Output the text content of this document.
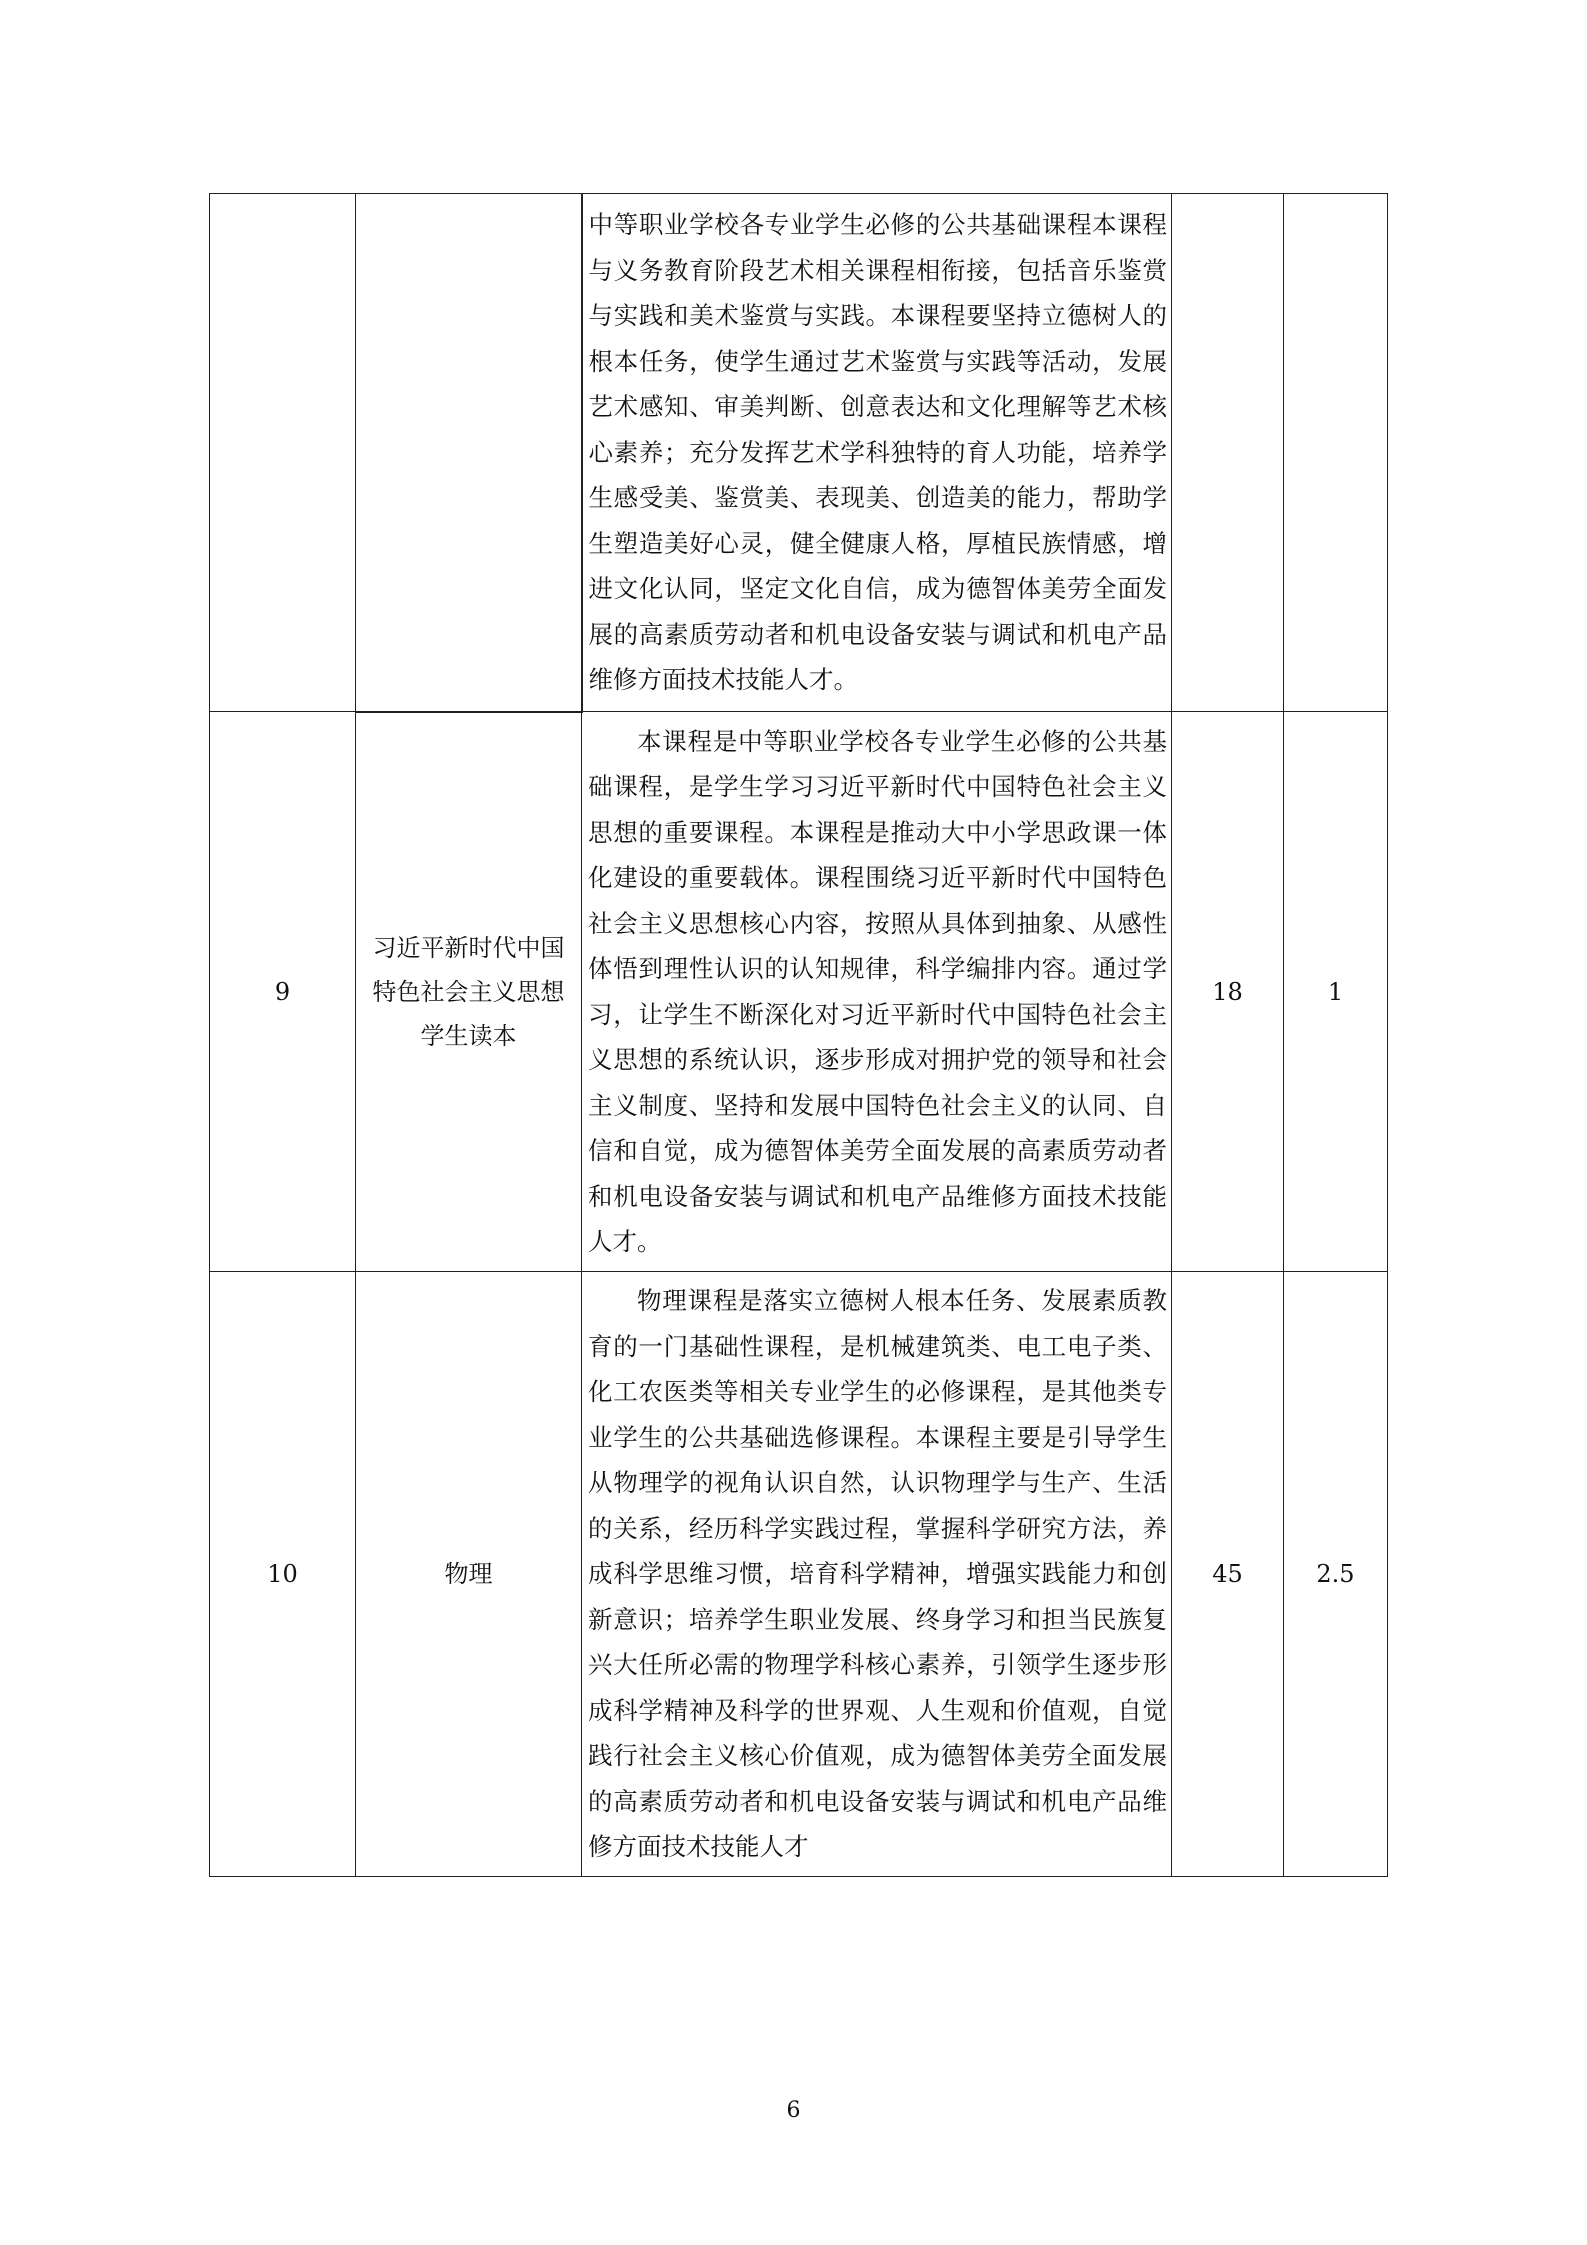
		中等职业学校各专业学生必修的公共基础课程本课程与义务教育阶段艺术相关课程相衔接，包括音乐鉴赏与实践和美术鉴赏与实践。本课程要坚持立德树人的根本任务，使学生通过艺术鉴赏与实践等活动，发展艺术感知、审美判断、创意表达和文化理解等艺术核心素养；充分发挥艺术学科独特的育人功能，培养学生感受美、鉴赏美、表现美、创造美的能力，帮助学生塑造美好心灵，健全健康人格，厚植民族情感，增进文化认同，坚定文化自信，成为德智体美劳全面发展的高素质劳动者和机电设备安装与调试和机电产品维修方面技术技能人才。		

9	习近平新时代中国特色社会主义思想学生读本	本课程是中等职业学校各专业学生必修的公共基础课程，是学生学习习近平新时代中国特色社会主义思想的重要课程。本课程是推动大中小学思政课一体化建设的重要载体。课程围绕习近平新时代中国特色社会主义思想核心内容，按照从具体到抽象、从感性体悟到理性认识的认知规律，科学编排内容。通过学习，让学生不断深化对习近平新时代中国特色社会主义思想的系统认识，逐步形成对拥护党的领导和社会主义制度、坚持和发展中国特色社会主义的认同、自信和自觉，成为德智体美劳全面发展的高素质劳动者和机电设备安装与调试和机电产品维修方面技术技能人才。	18	1
10	物理	物理课程是落实立德树人根本任务、发展素质教育的一门基础性课程，是机械建筑类、电工电子类、化工农医类等相关专业学生的必修课程，是其他类专业学生的公共基础选修课程。本课程主要是引导学生从物理学的视角认识自然，认识物理学与生产、生活的关系，经历科学实践过程，掌握科学研究方法，养成科学思维习惯，培育科学精神，增强实践能力和创新意识；培养学生职业发展、终身学习和担当民族复兴大任所必需的物理学科核心素养，引领学生逐步形成科学精神及科学的世界观、人生观和价值观，自觉践行社会主义核心价值观，成为德智体美劳全面发展的高素质劳动者和机电设备安装与调试和机电产品维修方面技术技能人才	45	2.5
6
